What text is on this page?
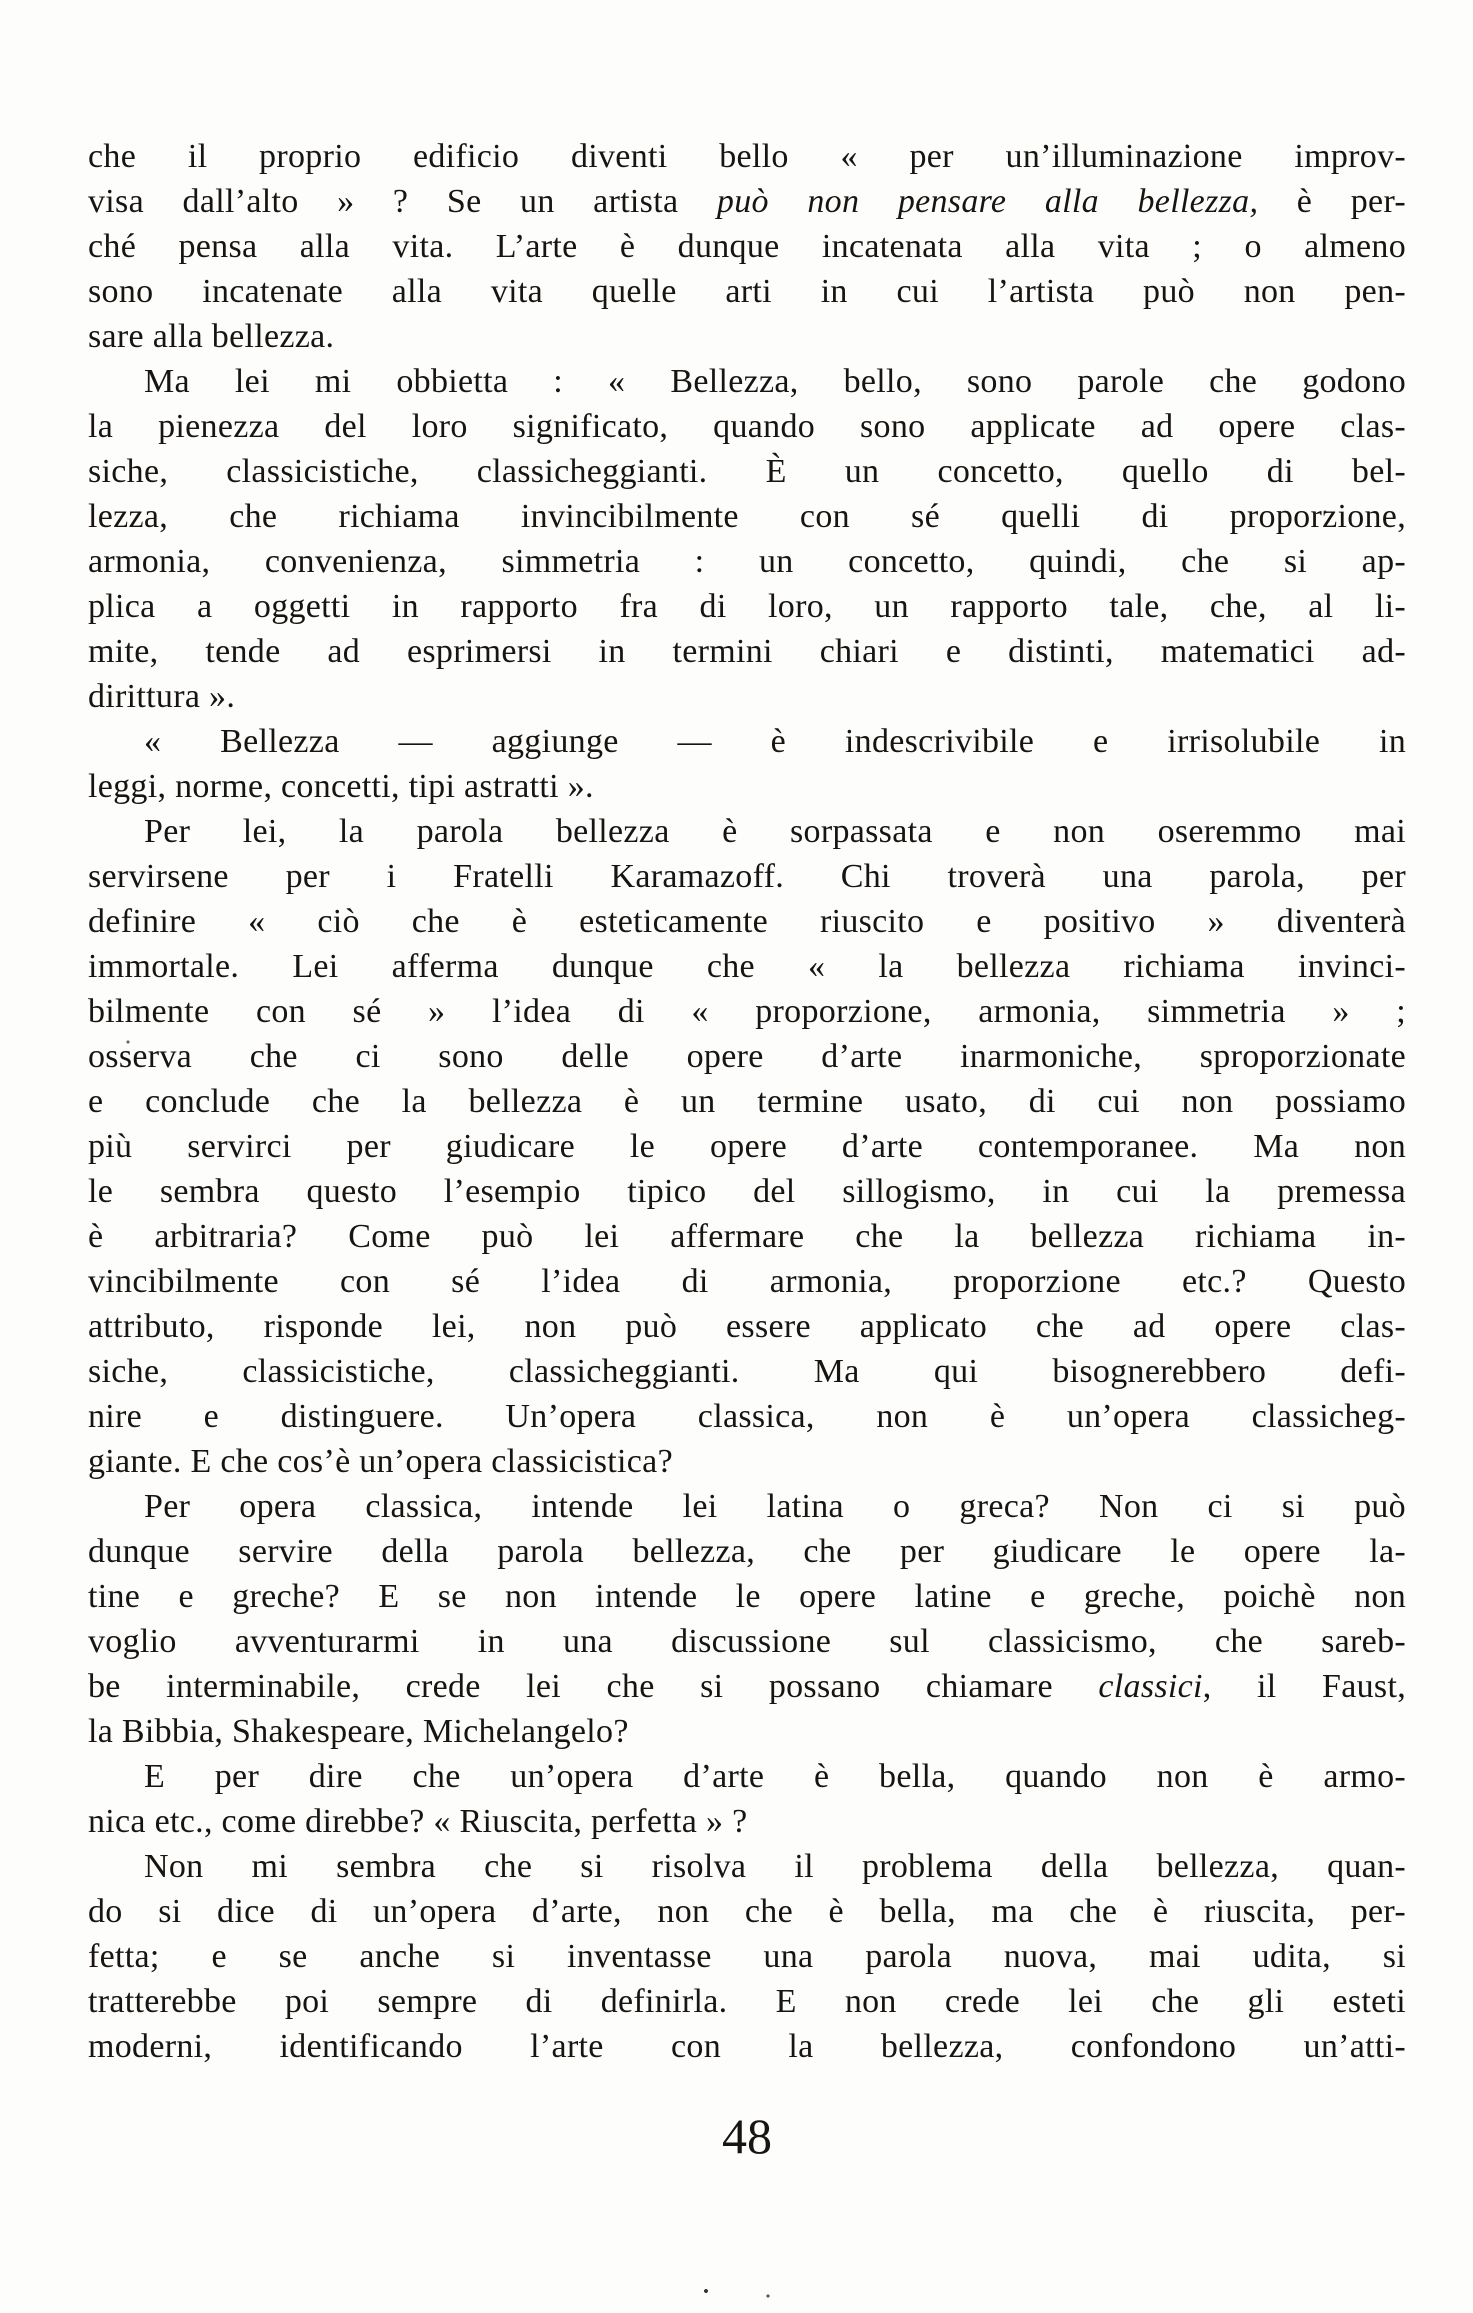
che il proprio edificio diventi bello « per un’illuminazione improv-
visa dall’alto » ? Se un artista può non pensare alla bellezza, è per-
ché pensa alla vita. L’arte è dunque incatenata alla vita ; o almeno
sono incatenate alla vita quelle arti in cui l’artista può non pen-
sare alla bellezza.
Ma lei mi obbietta : « Bellezza, bello, sono parole che godono
la pienezza del loro significato, quando sono applicate ad opere clas-
siche, classicistiche, classicheggianti. È un concetto, quello di bel-
lezza, che richiama invincibilmente con sé quelli di proporzione,
armonia, convenienza, simmetria : un concetto, quindi, che si ap-
plica a oggetti in rapporto fra di loro, un rapporto tale, che, al li-
mite, tende ad esprimersi in termini chiari e distinti, matematici ad-
dirittura ».
« Bellezza — aggiunge — è indescrivibile e irrisolubile in
leggi, norme, concetti, tipi astratti ».
Per lei, la parola bellezza è sorpassata e non oseremmo mai
servirsene per i Fratelli Karamazoff. Chi troverà una parola, per
definire « ciò che è esteticamente riuscito e positivo » diventerà
immortale. Lei afferma dunque che « la bellezza richiama invinci-
bilmente con sé » l’idea di « proporzione, armonia, simmetria » ;
osserva che ci sono delle opere d’arte inarmoniche, sproporzionate
e conclude che la bellezza è un termine usato, di cui non possiamo
più servirci per giudicare le opere d’arte contemporanee. Ma non
le sembra questo l’esempio tipico del sillogismo, in cui la premessa
è arbitraria? Come può lei affermare che la bellezza richiama in-
vincibilmente con sé l’idea di armonia, proporzione etc.? Questo
attributo, risponde lei, non può essere applicato che ad opere clas-
siche, classicistiche, classicheggianti. Ma qui bisognerebbero defi-
nire e distinguere. Un’opera classica, non è un’opera classicheg-
giante. E che cos’è un’opera classicistica?
Per opera classica, intende lei latina o greca? Non ci si può
dunque servire della parola bellezza, che per giudicare le opere la-
tine e greche? E se non intende le opere latine e greche, poichè non
voglio avventurarmi in una discussione sul classicismo, che sareb-
be interminabile, crede lei che si possano chiamare classici, il Faust,
la Bibbia, Shakespeare, Michelangelo?
E per dire che un’opera d’arte è bella, quando non è armo-
nica etc., come direbbe? « Riuscita, perfetta » ?
Non mi sembra che si risolva il problema della bellezza, quan-
do si dice di un’opera d’arte, non che è bella, ma che è riuscita, per-
fetta; e se anche si inventasse una parola nuova, mai udita, si
tratterebbe poi sempre di definirla. E non crede lei che gli esteti
moderni, identificando l’arte con la bellezza, confondono un’atti-
48
